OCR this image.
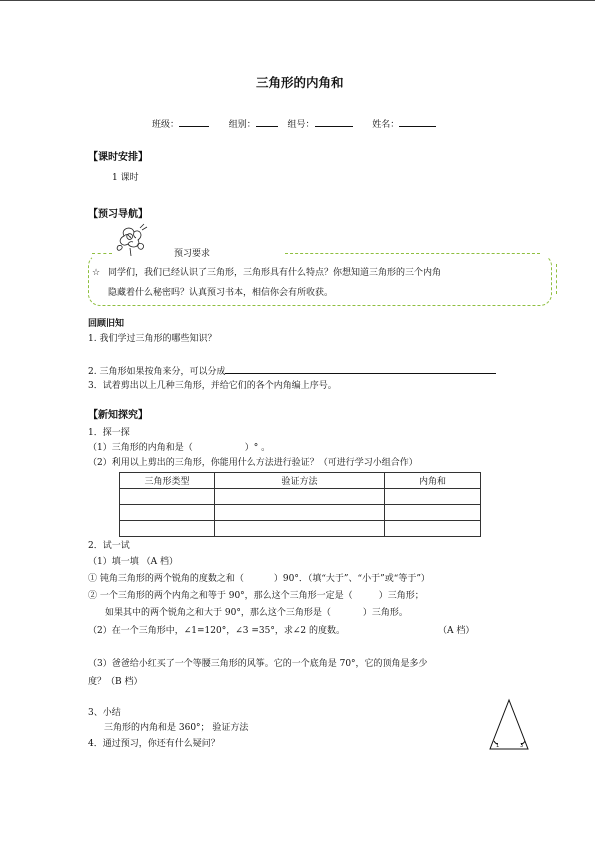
三角形的内角和
班级：	组别：	组号：	姓名：
【课时安排】
1 课时
【预习导航】
预习要求
☆ 同学们，我们已经认识了三角形，三角形具有什么特点？你想知道三角形的三个内角
隐藏着什么秘密吗？认真预习书本，相信你会有所收获。
回顾旧知
1. 我们学过三角形的哪些知识？
2. 三角形如果按角来分，可以分成
3．试着剪出以上几种三角形，并给它们的各个内角编上序号。
【新知探究】
1．探一探
（1）三角形的内角和是（	）° 。
（2）利用以上剪出的三角形，你能用什么方法进行验证？（可进行学习小组合作）
三角形类型	验证方法	内角和

2．试一试
（1）填一填 （A 档）
① 钝角三角形的两个锐角的度数之和（	）90°．（填“大于”、“小于”或“等于”）
② 一个三角形的两个内角之和等于 90°，那么这个三角形一定是（	）三角形；
如果其中的两个锐角之和大于 90°，那么这个三角形是（	）三角形。
（2）在一个三角形中，∠1=120°，∠3 =35°，求∠2 的度数。	（A 档）
（3）爸爸给小红买了一个等腰三角形的风筝。它的一个底角是 70°，它的顶角是多少
度？（B 档）
3、小结
三角形的内角和是 360°； 验证方法
4．通过预习，你还有什么疑问？	1	3
